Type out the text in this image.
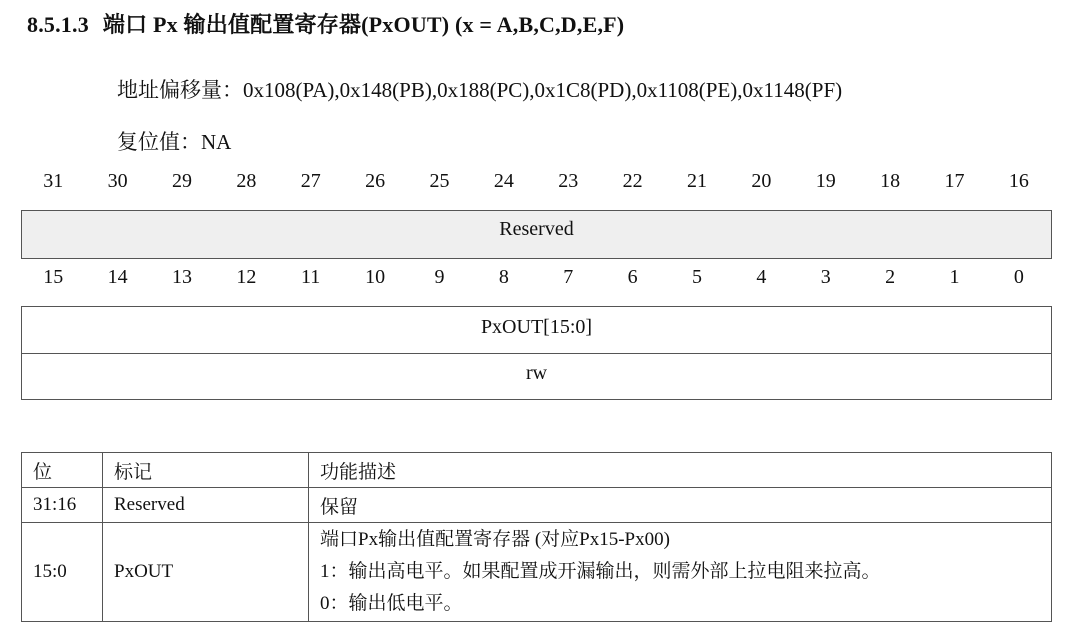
8.5.1.3 端口 Px 输出值配置寄存器(PxOUT) (x = A,B,C,D,E,F)
地址偏移量：0x108(PA),0x148(PB),0x188(PC),0x1C8(PD),0x1108(PE),0x1148(PF)
复位值：NA
31	30	29	28	27	26	25	24	23	22	21	20	19	18	17	16
Reserved
15	14	13	12	11	10	9	8	7	6	5	4	3	2	1	0
PxOUT[15:0]
rw
位	标记	功能描述
31:16	Reserved	保留
15:0	PxOUT	端口Px输出值配置寄存器 (对应Px15-Px00)
1：输出高电平。如果配置成开漏输出，则需外部上拉电阻来拉高。
0：输出低电平。
